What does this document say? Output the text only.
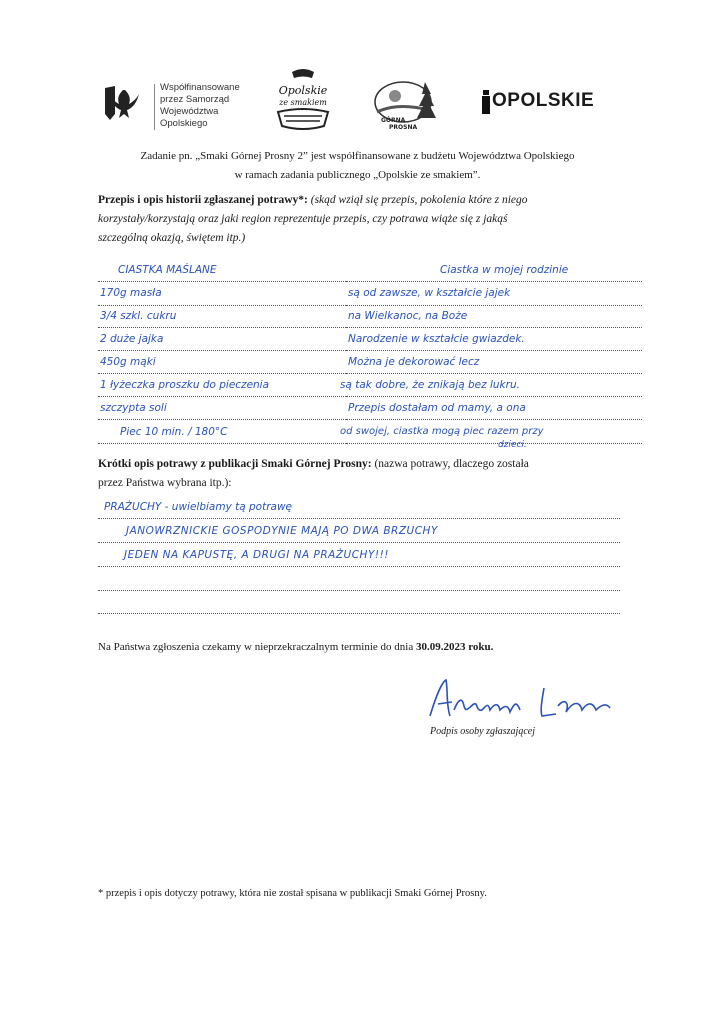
Współfinansowane
przez Samorząd
Województwa
Opolskiego
Opolskie
ze smakiem
GÓRNA
PROSNA
OPOLSKIE
Zadanie pn. „Smaki Górnej Prosny 2” jest współfinansowane z budżetu Województwa Opolskiego
w ramach zadania publicznego „Opolskie ze smakiem”.
Przepis i opis historii zgłaszanej potrawy*: (skąd wziął się przepis, pokolenia które z niego
korzystały/korzystają oraz jaki region reprezentuje przepis, czy potrawa wiąże się z jakąś
szczególną okazją, świętem itp.)
CIASTKA MAŚLANE
170g masła
3/4 szkl. cukru
2 duże jajka
450g mąki
1 łyżeczka proszku do pieczenia
szczypta soli
Piec 10 min. / 180°C
Ciastka w mojej rodzinie
są od zawsze, w kształcie jajek
na Wielkanoc, na Boże
Narodzenie w kształcie gwiazdek.
Można je dekorować lecz
są tak dobre, że znikają bez lukru.
Przepis dostałam od mamy, a ona
od swojej, ciastka mogą piec razem przy
dzieci.
Krótki opis potrawy z publikacji Smaki Górnej Prosny: (nazwa potrawy, dlaczego została
przez Państwa wybrana itp.):
PRAŻUCHY - uwielbiamy tą potrawę
JANOWRZNICKIE GOSPODYNIE MAJĄ PO DWA BRZUCHY
JEDEN NA KAPUSTĘ, A DRUGI NA PRAŻUCHY!!!
Na Państwa zgłoszenia czekamy w nieprzekraczalnym terminie do dnia 30.09.2023 roku.
Podpis osoby zgłaszającej
* przepis i opis dotyczy potrawy, która nie został spisana w publikacji Smaki Górnej Prosny.
